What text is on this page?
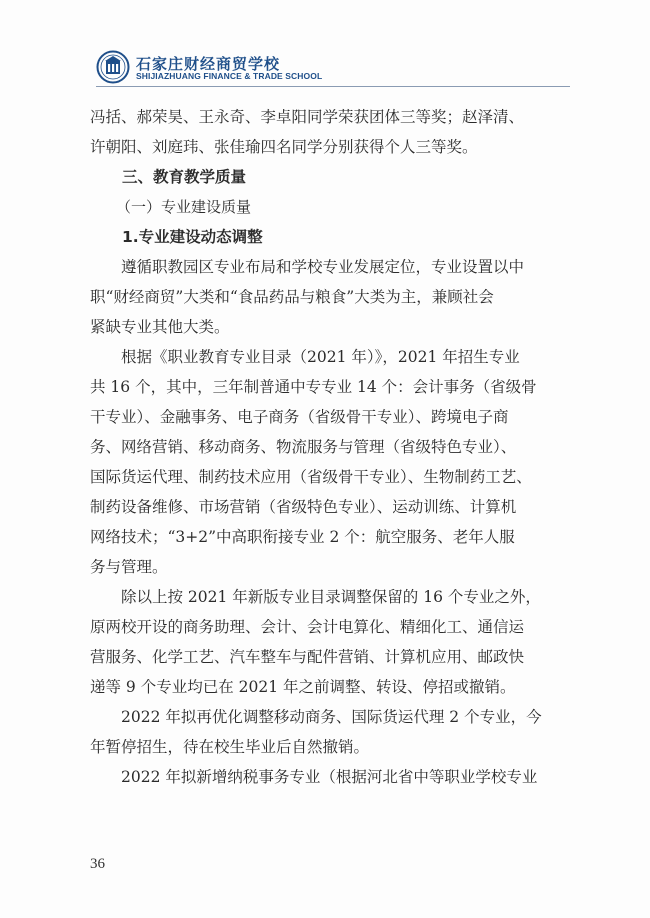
石家庄财经商贸学校
SHIJIAZHUANG FINANCE & TRADE SCHOOL
冯括、郝荣昊、王永奇、李卓阳同学荣获团体三等奖；赵泽清、
许朝阳、刘庭玮、张佳瑜四名同学分别获得个人三等奖。
三、教育教学质量
（一）专业建设质量
1.专业建设动态调整
遵循职教园区专业布局和学校专业发展定位，专业设置以中
职“财经商贸”大类和“食品药品与粮食”大类为主，兼顾社会
紧缺专业其他大类。
根据《职业教育专业目录（2021 年）》，2021 年招生专业
共 16 个，其中，三年制普通中专专业 14 个：会计事务（省级骨
干专业）、金融事务、电子商务（省级骨干专业）、跨境电子商
务、网络营销、移动商务、物流服务与管理（省级特色专业）、
国际货运代理、制药技术应用（省级骨干专业）、生物制药工艺、
制药设备维修、市场营销（省级特色专业）、运动训练、计算机
网络技术；“3+2”中高职衔接专业 2 个：航空服务、老年人服
务与管理。
除以上按 2021 年新版专业目录调整保留的 16 个专业之外，
原两校开设的商务助理、会计、会计电算化、精细化工、通信运
营服务、化学工艺、汽车整车与配件营销、计算机应用、邮政快
递等 9 个专业均已在 2021 年之前调整、转设、停招或撤销。
2022 年拟再优化调整移动商务、国际货运代理 2 个专业，今
年暂停招生，待在校生毕业后自然撤销。
2022 年拟新增纳税事务专业（根据河北省中等职业学校专业
36
